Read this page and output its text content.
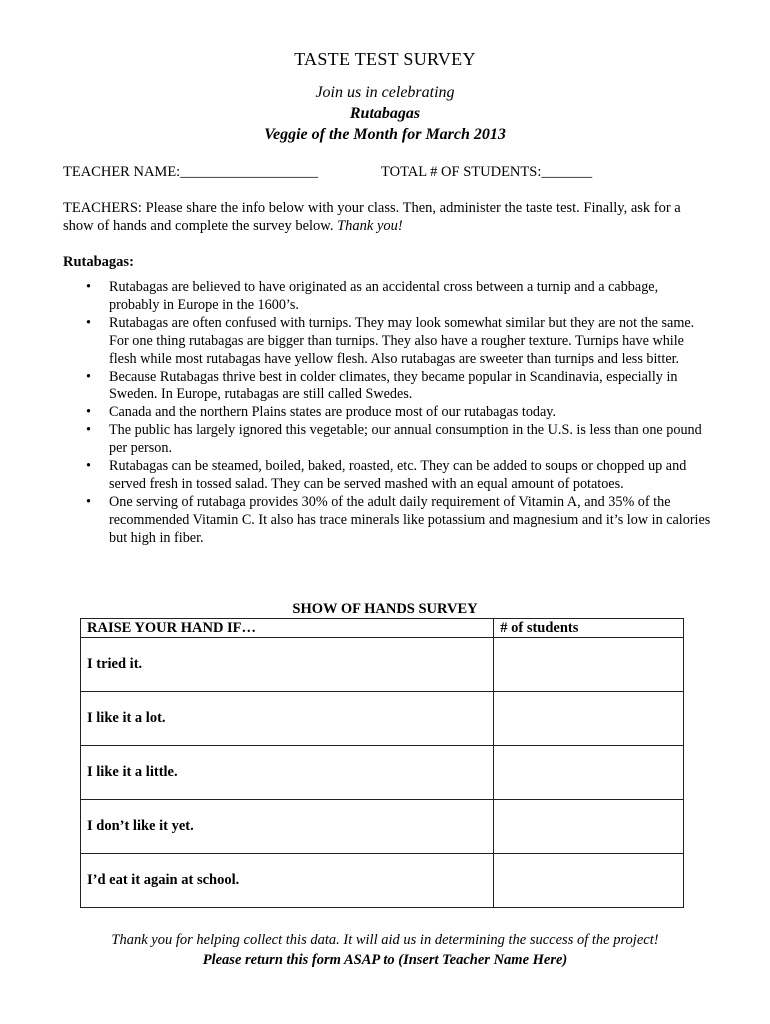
TASTE TEST SURVEY
Join us in celebrating
Rutabagas
Veggie of the Month for March 2013
TEACHER NAME:___________________	TOTAL # OF STUDENTS:_______
TEACHERS: Please share the info below with your class. Then, administer the taste test. Finally, ask for a show of hands and complete the survey below. Thank you!
Rutabagas:
• Rutabagas are believed to have originated as an accidental cross between a turnip and a cabbage, probably in Europe in the 1600’s.
• Rutabagas are often confused with turnips. They may look somewhat similar but they are not the same. For one thing rutabagas are bigger than turnips. They also have a rougher texture. Turnips have while flesh while most rutabagas have yellow flesh. Also rutabagas are sweeter than turnips and less bitter.
• Because Rutabagas thrive best in colder climates, they became popular in Scandinavia, especially in Sweden. In Europe, rutabagas are still called Swedes.
• Canada and the northern Plains states are produce most of our rutabagas today.
• The public has largely ignored this vegetable; our annual consumption in the U.S. is less than one pound per person.
• Rutabagas can be steamed, boiled, baked, roasted, etc. They can be added to soups or chopped up and served fresh in tossed salad. They can be served mashed with an equal amount of potatoes.
• One serving of rutabaga provides 30% of the adult daily requirement of Vitamin A, and 35% of the recommended Vitamin C. It also has trace minerals like potassium and magnesium and it’s low in calories but high in fiber.
SHOW OF HANDS SURVEY
RAISE YOUR HAND IF…	# of students
I tried it.	
I like it a lot.	
I like it a little.	
I don’t like it yet.	
I’d eat it again at school.	
Thank you for helping collect this data. It will aid us in determining the success of the project!
Please return this form ASAP to (Insert Teacher Name Here)
